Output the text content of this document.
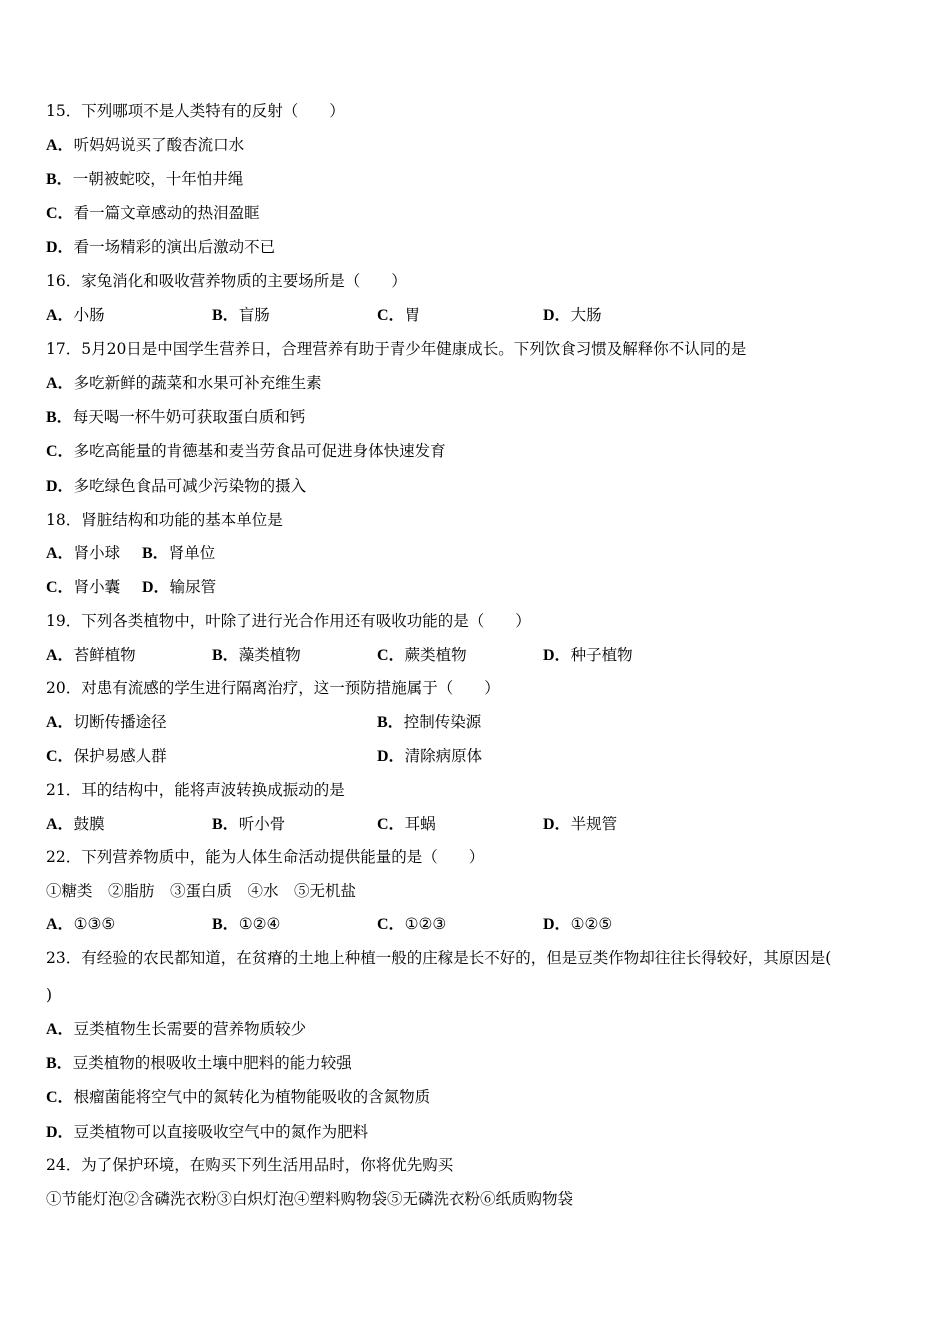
15．下列哪项不是人类特有的反射（　　）
A．听妈妈说买了酸杏流口水
B．一朝被蛇咬，十年怕井绳
C．看一篇文章感动的热泪盈眶
D．看一场精彩的演出后激动不已
16．家兔消化和吸收营养物质的主要场所是（　　）
A．小肠	B．盲肠	C．胃	D．大肠
17．5月20日是中国学生营养日，合理营养有助于青少年健康成长。下列饮食习惯及解释你不认同的是
A．多吃新鲜的蔬菜和水果可补充维生素
B．每天喝一杯牛奶可获取蛋白质和钙
C．多吃高能量的肯德基和麦当劳食品可促进身体快速发育
D．多吃绿色食品可减少污染物的摄入
18．肾脏结构和功能的基本单位是
A．肾小球 B．肾单位
C．肾小囊 D．输尿管
19．下列各类植物中，叶除了进行光合作用还有吸收功能的是（　　）
A．苔鲜植物	B．藻类植物	C．蕨类植物	D．种子植物
20．对患有流感的学生进行隔离治疗，这一预防措施属于（　　）
A．切断传播途径	B．控制传染源
C．保护易感人群	D．清除病原体
21．耳的结构中，能将声波转换成振动的是
A．鼓膜	B．听小骨	C．耳蜗	D．半规管
22．下列营养物质中，能为人体生命活动提供能量的是（　　）
①糖类　②脂肪　③蛋白质　④水　⑤无机盐
A．①③⑤	B．①②④	C．①②③	D．①②⑤
23．有经验的农民都知道，在贫瘠的土地上种植一般的庄稼是长不好的，但是豆类作物却往往长得较好，其原因是(
)
A．豆类植物生长需要的营养物质较少
B．豆类植物的根吸收土壤中肥料的能力较强
C．根瘤菌能将空气中的氮转化为植物能吸收的含氮物质
D．豆类植物可以直接吸收空气中的氮作为肥料
24．为了保护环境，在购买下列生活用品时，你将优先购买
①节能灯泡②含磷洗衣粉③白炽灯泡④塑料购物袋⑤无磷洗衣粉⑥纸质购物袋
